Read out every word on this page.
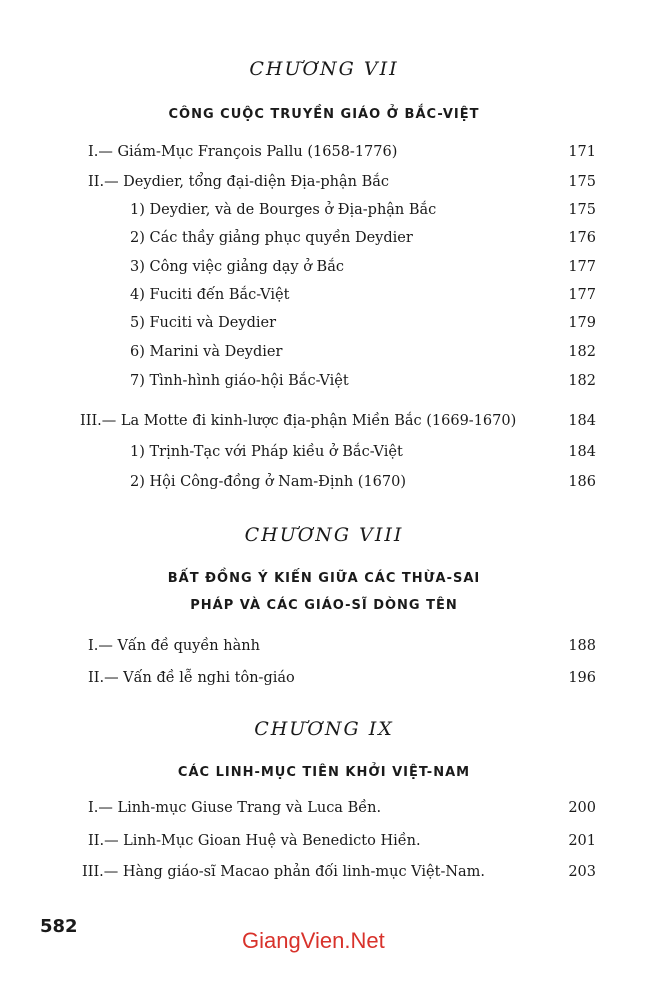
CHƯƠNG VII
CÔNG CUỘC TRUYỀN GIÁO Ở BẮC-VIỆT
I.— Giám-Mục François Pallu (1658-1776)	171
II.— Deydier, tổng đại-diện Địa-phận Bắc	175
1) Deydier, và de Bourges ở Địa-phận Bắc	175
2) Các thầy giảng phục quyền Deydier	176
3) Công việc giảng dạy ở Bắc	177
4) Fuciti đến Bắc-Việt	177
5) Fuciti và Deydier	179
6) Marini và Deydier	182
7) Tình-hình giáo-hội Bắc-Việt	182
III.— La Motte đi kinh-lược địa-phận Miền Bắc (1669-1670)	184
1) Trịnh-Tạc với Pháp kiều ở Bắc-Việt	184
2) Hội Công-đồng ở Nam-Định (1670)	186
CHƯƠNG VIII
BẤT ĐỒNG Ý KIẾN GIỮA CÁC THỪA-SAI
PHÁP VÀ CÁC GIÁO-SĨ DÒNG TÊN
I.— Vấn đề quyền hành	188
II.— Vấn đề lễ nghi tôn-giáo	196
CHƯƠNG IX
CÁC LINH-MỤC TIÊN KHỞI VIỆT-NAM
I.— Linh-mục Giuse Trang và Luca Bền.	200
II.— Linh-Mục Gioan Huệ và Benedicto Hiền.	201
III.— Hàng giáo-sĩ Macao phản đối linh-mục Việt-Nam.	203
582
GiangVien.Net
